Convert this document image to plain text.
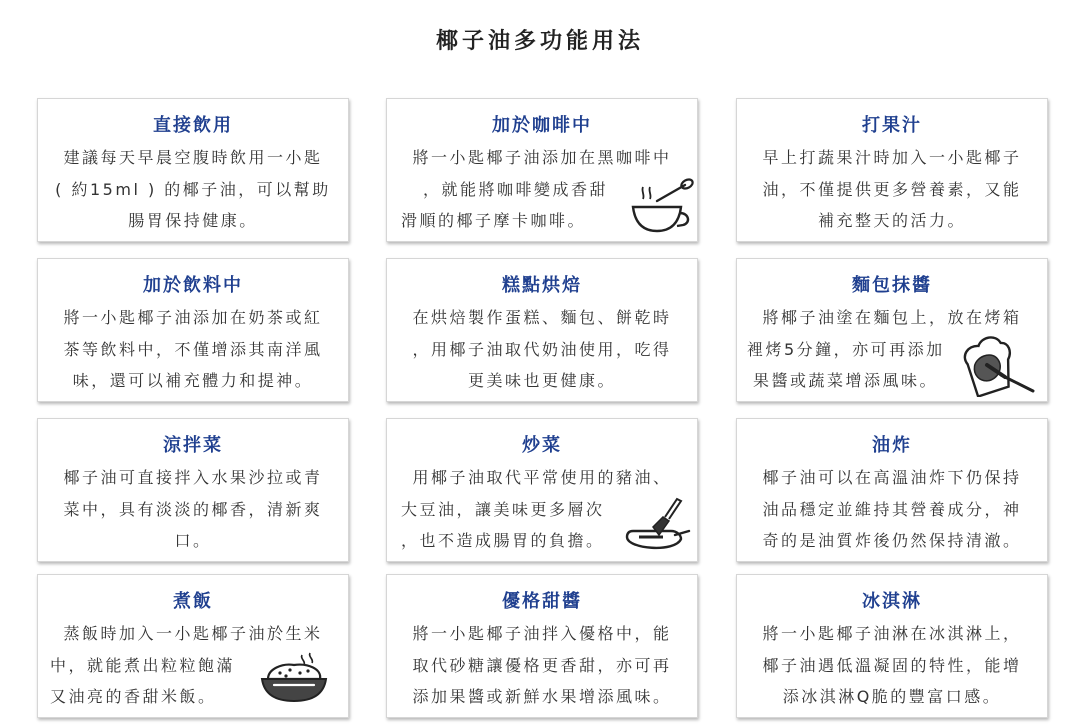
椰子油多功能用法
直接飲用
建議每天早晨空腹時飲用一小匙
( 約15ml ) 的椰子油，可以幫助
腸胃保持健康。
加於咖啡中
將一小匙椰子油添加在黑咖啡中
，就能將咖啡變成香甜
滑順的椰子摩卡咖啡。
打果汁
早上打蔬果汁時加入一小匙椰子
油，不僅提供更多營養素，又能
補充整天的活力。
加於飲料中
將一小匙椰子油添加在奶茶或紅
茶等飲料中，不僅增添其南洋風
味，還可以補充體力和提神。
糕點烘焙
在烘焙製作蛋糕、麵包、餅乾時
，用椰子油取代奶油使用，吃得
更美味也更健康。
麵包抹醬
將椰子油塗在麵包上，放在烤箱
裡烤5分鐘，亦可再添加
果醬或蔬菜增添風味。
涼拌菜
椰子油可直接拌入水果沙拉或青
菜中，具有淡淡的椰香，清新爽
口。
炒菜
用椰子油取代平常使用的豬油、
大豆油，讓美味更多層次
，也不造成腸胃的負擔。
油炸
椰子油可以在高溫油炸下仍保持
油品穩定並維持其營養成分，神
奇的是油質炸後仍然保持清澈。
煮飯
蒸飯時加入一小匙椰子油於生米
中，就能煮出粒粒飽滿
又油亮的香甜米飯。
優格甜醬
將一小匙椰子油拌入優格中，能
取代砂糖讓優格更香甜，亦可再
添加果醬或新鮮水果增添風味。
冰淇淋
將一小匙椰子油淋在冰淇淋上，
椰子油遇低溫凝固的特性，能增
添冰淇淋Q脆的豐富口感。
